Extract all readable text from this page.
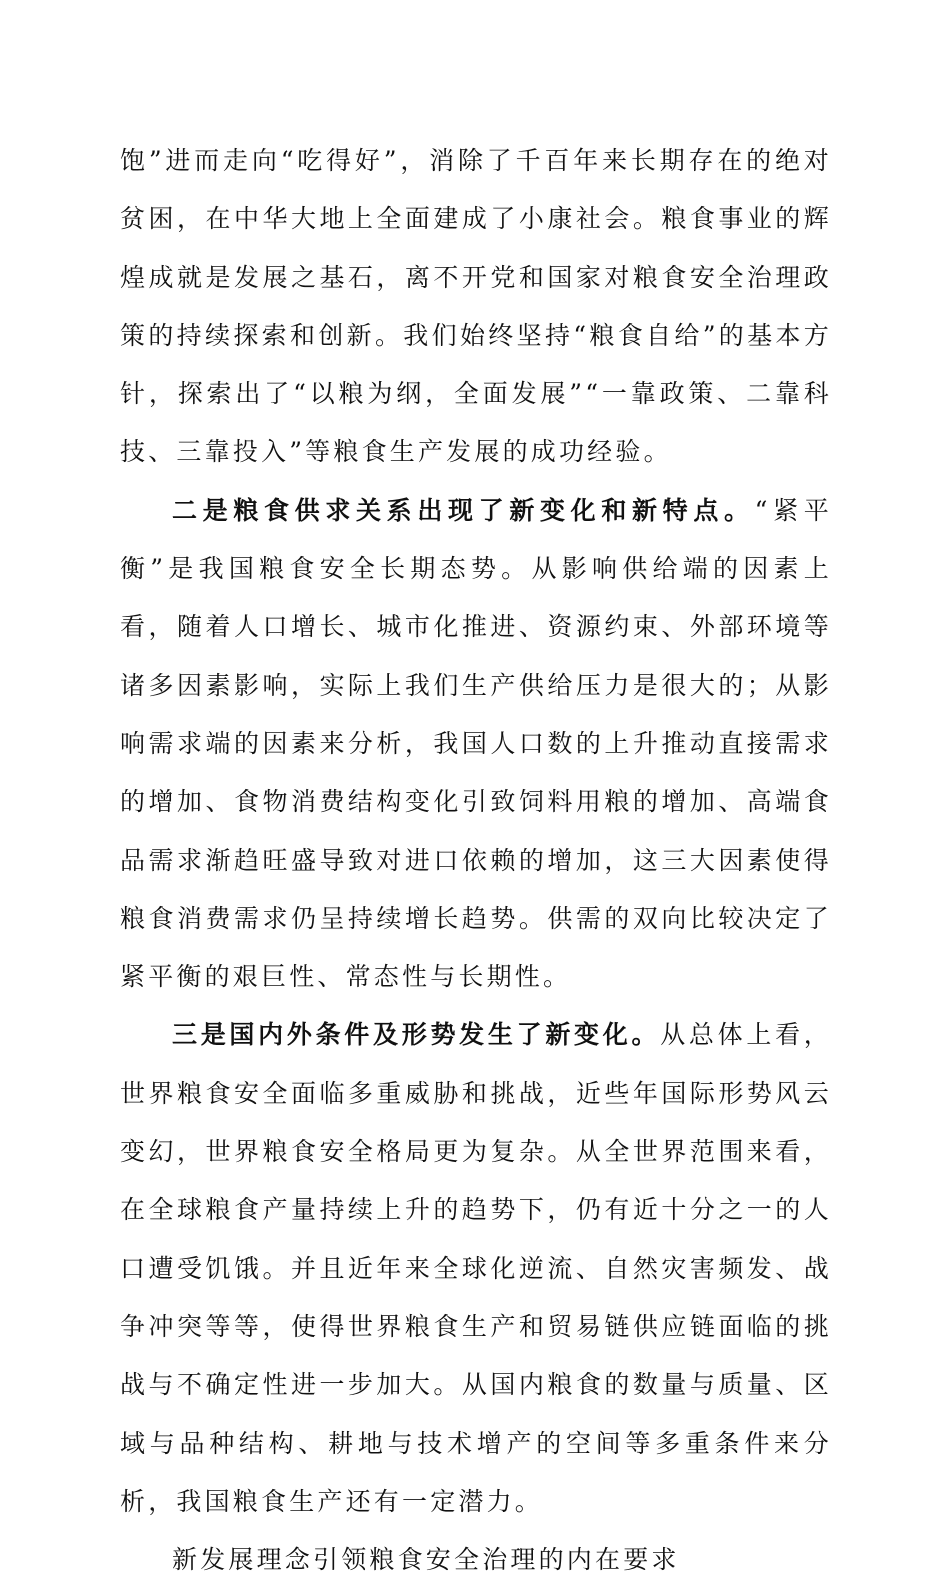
饱”进而走向“吃得好”，消除了千百年来长期存在的绝对贫困，在中华大地上全面建成了小康社会。粮食事业的辉煌成就是发展之基石，离不开党和国家对粮食安全治理政策的持续探索和创新。我们始终坚持“粮食自给”的基本方针，探索出了“以粮为纲，全面发展”“一靠政策、二靠科技、三靠投入”等粮食生产发展的成功经验。

二是粮食供求关系出现了新变化和新特点。“紧平衡”是我国粮食安全长期态势。从影响供给端的因素上看，随着人口增长、城市化推进、资源约束、外部环境等诸多因素影响，实际上我们生产供给压力是很大的；从影响需求端的因素来分析，我国人口数的上升推动直接需求的增加、食物消费结构变化引致饲料用粮的增加、高端食品需求渐趋旺盛导致对进口依赖的增加，这三大因素使得粮食消费需求仍呈持续增长趋势。供需的双向比较决定了紧平衡的艰巨性、常态性与长期性。

三是国内外条件及形势发生了新变化。从总体上看，世界粮食安全面临多重威胁和挑战，近些年国际形势风云变幻，世界粮食安全格局更为复杂。从全世界范围来看，在全球粮食产量持续上升的趋势下，仍有近十分之一的人口遭受饥饿。并且近年来全球化逆流、自然灾害频发、战争冲突等等，使得世界粮食生产和贸易链供应链面临的挑战与不确定性进一步加大。从国内粮食的数量与质量、区域与品种结构、耕地与技术增产的空间等多重条件来分析，我国粮食生产还有一定潜力。

新发展理念引领粮食安全治理的内在要求
